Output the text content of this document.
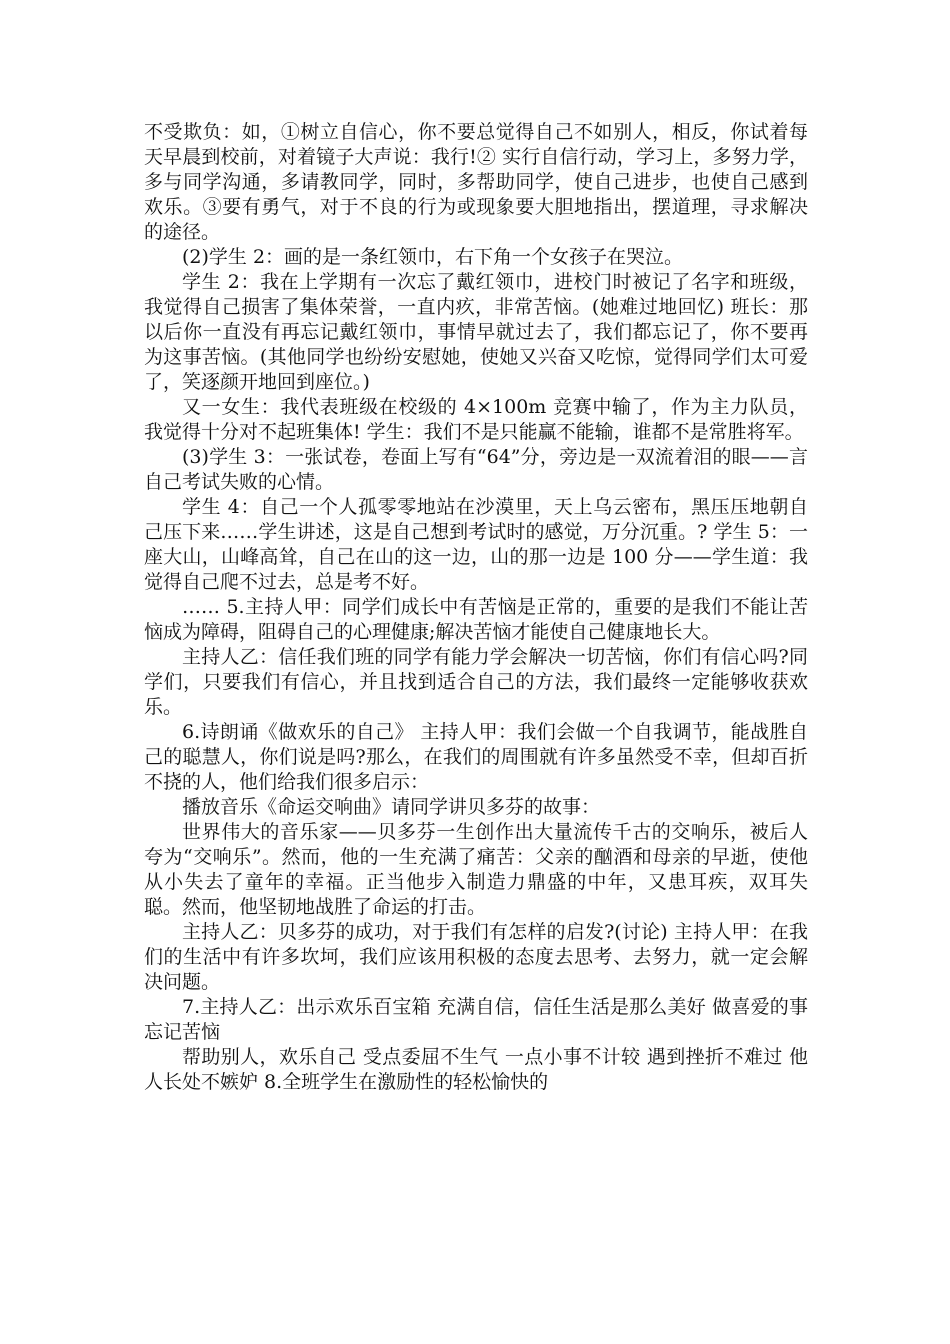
不受欺负：如，①树立自信心，你不要总觉得自己不如别人，相反，你试着每天早晨到校前，对着镜子大声说：我行!② 实行自信行动，学习上，多努力学，多与同学沟通，多请教同学，同时，多帮助同学，使自己进步，也使自己感到欢乐。③要有勇气，对于不良的行为或现象要大胆地指出，摆道理，寻求解决的途径。

(2)学生 2：画的是一条红领巾，右下角一个女孩子在哭泣。

学生 2：我在上学期有一次忘了戴红领巾，进校门时被记了名字和班级，我觉得自己损害了集体荣誉，一直内疚，非常苦恼。(她难过地回忆) 班长：那以后你一直没有再忘记戴红领巾，事情早就过去了，我们都忘记了，你不要再为这事苦恼。(其他同学也纷纷安慰她，使她又兴奋又吃惊，觉得同学们太可爱了，笑逐颜开地回到座位。)

又一女生：我代表班级在校级的 4×100m 竞赛中输了，作为主力队员，我觉得十分对不起班集体! 学生：我们不是只能赢不能输，谁都不是常胜将军。

(3)学生 3：一张试卷，卷面上写有“64”分，旁边是一双流着泪的眼——言自己考试失败的心情。

学生 4：自己一个人孤零零地站在沙漠里，天上乌云密布，黑压压地朝自己压下来……学生讲述，这是自己想到考试时的感觉，万分沉重。? 学生 5：一座大山，山峰高耸，自己在山的这一边，山的那一边是 100 分——学生道：我觉得自己爬不过去，总是考不好。

…… 5.主持人甲：同学们成长中有苦恼是正常的，重要的是我们不能让苦恼成为障碍，阻碍自己的心理健康;解决苦恼才能使自己健康地长大。

主持人乙：信任我们班的同学有能力学会解决一切苦恼，你们有信心吗?同学们，只要我们有信心，并且找到适合自己的方法，我们最终一定能够收获欢乐。

6.诗朗诵《做欢乐的自己》 主持人甲：我们会做一个自我调节，能战胜自己的聪慧人，你们说是吗?那么，在我们的周围就有许多虽然受不幸，但却百折不挠的人，他们给我们很多启示：

播放音乐《命运交响曲》请同学讲贝多芬的故事：

世界伟大的音乐家——贝多芬一生创作出大量流传千古的交响乐，被后人夸为“交响乐”。然而，他的一生充满了痛苦：父亲的酗酒和母亲的早逝，使他从小失去了童年的幸福。正当他步入制造力鼎盛的中年，又患耳疾，双耳失聪。然而，他坚韧地战胜了命运的打击。

主持人乙：贝多芬的成功，对于我们有怎样的启发?(讨论) 主持人甲：在我们的生活中有许多坎坷，我们应该用积极的态度去思考、去努力，就一定会解决问题。

7.主持人乙：出示欢乐百宝箱 充满自信，信任生活是那么美好 做喜爱的事忘记苦恼

帮助别人，欢乐自己 受点委屈不生气 一点小事不计较 遇到挫折不难过 他人长处不嫉妒 8.全班学生在激励性的轻松愉快的
